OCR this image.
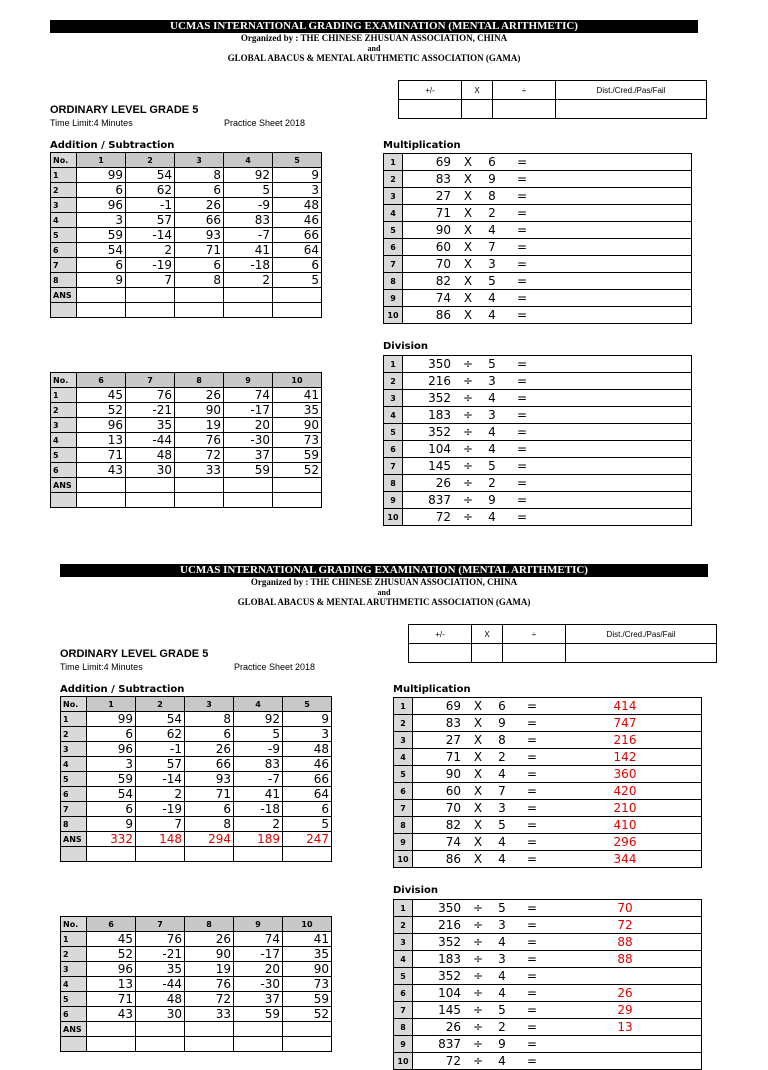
UCMAS INTERNATIONAL GRADING EXAMINATION (MENTAL ARITHMETIC)
Organized by : THE CHINESE ZHUSUAN ASSOCIATION, CHINA
and
GLOBAL ABACUS & MENTAL ARUTHMETIC ASSOCIATION (GAMA)
+/-	X	÷	Dist./Cred./Pas/Fail

ORDINARY LEVEL GRADE 5
Time Limit:4 Minutes	Practice Sheet 2018
Addition / Subtraction
No.	1	2	3	4	5
1	99	54	8	92	9
2	6	62	6	5	3
3	96	-1	26	-9	48
4	3	57	66	83	46
5	59	-14	93	-7	66
6	54	2	71	41	64
7	6	-19	6	-18	6
8	9	7	8	2	5
ANS					

No.	6	7	8	9	10
1	45	76	26	74	41
2	52	-21	90	-17	35
3	96	35	19	20	90
4	13	-44	76	-30	73
5	71	48	72	37	59
6	43	30	33	59	52
ANS					

Multiplication
1	69	X	6	=	
2	83	X	9	=	
3	27	X	8	=	
4	71	X	2	=	
5	90	X	4	=	
6	60	X	7	=	
7	70	X	3	=	
8	82	X	5	=	
9	74	X	4	=	
10	86	X	4	=	
Division
1	350	÷	5	=	
2	216	÷	3	=	
3	352	÷	4	=	
4	183	÷	3	=	
5	352	÷	4	=	
6	104	÷	4	=	
7	145	÷	5	=	
8	26	÷	2	=	
9	837	÷	9	=	
10	72	÷	4	=	
UCMAS INTERNATIONAL GRADING EXAMINATION (MENTAL ARITHMETIC)
Organized by : THE CHINESE ZHUSUAN ASSOCIATION, CHINA
and
GLOBAL ABACUS & MENTAL ARUTHMETIC ASSOCIATION (GAMA)
+/-	X	÷	Dist./Cred./Pas/Fail

ORDINARY LEVEL GRADE 5
Time Limit:4 Minutes	Practice Sheet 2018
Addition / Subtraction
No.	1	2	3	4	5
1	99	54	8	92	9
2	6	62	6	5	3
3	96	-1	26	-9	48
4	3	57	66	83	46
5	59	-14	93	-7	66
6	54	2	71	41	64
7	6	-19	6	-18	6
8	9	7	8	2	5
ANS	332	148	294	189	247

No.	6	7	8	9	10
1	45	76	26	74	41
2	52	-21	90	-17	35
3	96	35	19	20	90
4	13	-44	76	-30	73
5	71	48	72	37	59
6	43	30	33	59	52
ANS					

Multiplication
1	69	X	6	=	414
2	83	X	9	=	747
3	27	X	8	=	216
4	71	X	2	=	142
5	90	X	4	=	360
6	60	X	7	=	420
7	70	X	3	=	210
8	82	X	5	=	410
9	74	X	4	=	296
10	86	X	4	=	344
Division
1	350	÷	5	=	70
2	216	÷	3	=	72
3	352	÷	4	=	88
4	183	÷	3	=	88
5	352	÷	4	=	
6	104	÷	4	=	26
7	145	÷	5	=	29
8	26	÷	2	=	13
9	837	÷	9	=	
10	72	÷	4	=	
